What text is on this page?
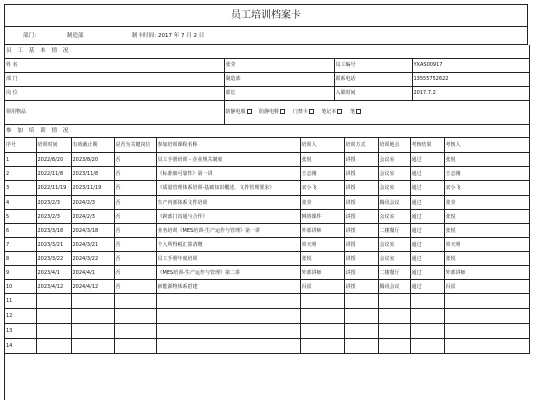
员工培训档案卡
部门：	制造部	制卡时间：
2017 年 7 月 2 日
员 工 基 本 情 况			
姓 名	张莹	员工编号	YXAS00917
部 门	制造部	联系电话	13555752622
岗 位	部长	入职时间	2017.7.2
领用物品	防静电服 防静电鞋 门禁卡 笔记本 笔		
参 加 培 训 情 况									
序号	培训时间	有效截止期	是否为关键岗位	参加培训课程名称	培训人	培训方式	培训地点	考核结果	考核人
1	2022/8/20	2023/8/20	否	员工手册培训 - 企业规关制度	张悦	讲授	会议室	通过	张悦
2	2022/11/8	2023/11/8	否	《标准细可靠性》第一讲	王志刚	讲授	会议室	通过	王志刚
3	2022/11/19	2023/11/19	否	《质量管理体系培训-基础知识概述、文件管理要求》	宋小飞	讲授	会议室	通过	宋小飞
4	2023/2/3	2024/2/3	否	生产内部体系文件培训	张莹	讲授	腾讯会议	通过	张莹
5	2023/2/3	2024/2/3	否	《跨部门沟通与合作》	网络课件	讲授	会议室	通过	张悦
6	2023/3/18	2024/3/18	否	业务培训《MES培训-生产运作与管理》第一讲	外部讲师	讲授	二楼餐厅	通过	张悦
7	2023/3/21	2024/3/21	否	个人所得税汇算清缴	单天明	讲授	会议室	通过	单天明
8	2023/3/22	2024/3/22	否	员工手册年度培训	张悦	讲授	会议室	通过	张悦
9	2023/4/1	2024/4/1	否	《MES培训-生产运作与管理》第二讲	外部讲师	讲授	二楼餐厅	通过	外部讲师
10	2023/4/12	2024/4/12	否	新能源物体系搭建	冯雷	讲授	腾讯会议	通过	冯雷
11									
12									
13									
14									
